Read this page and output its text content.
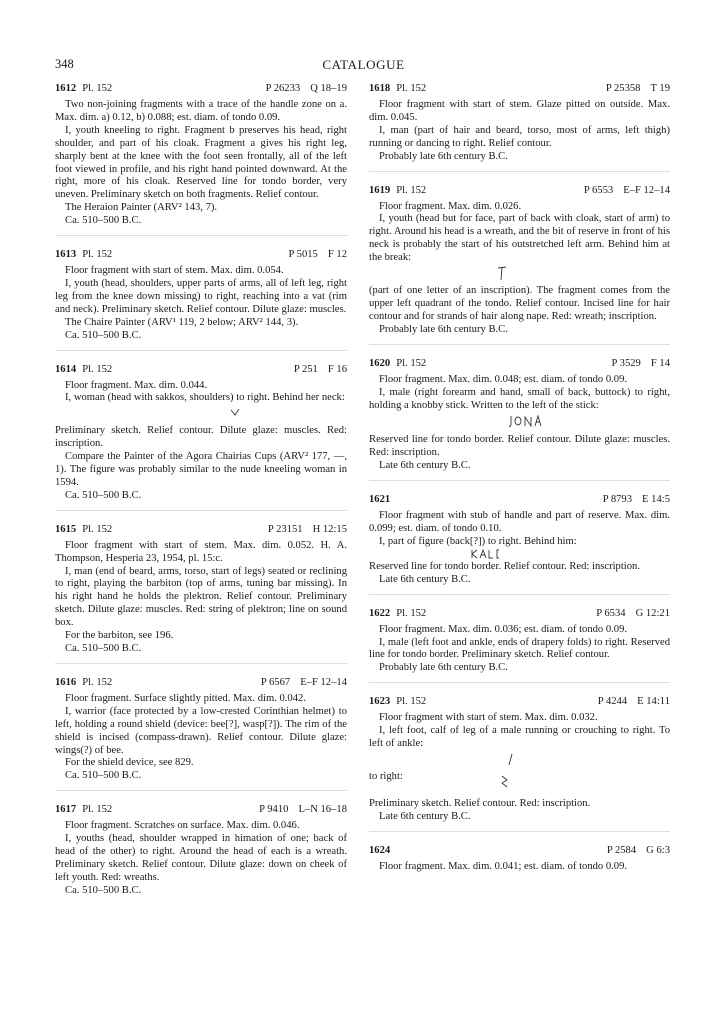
348	CATALOGUE
1612 Pl. 152	P 26233 Q 18–19

Two non-joining fragments with a trace of the handle zone on a. Max. dim. a) 0.12, b) 0.088; est. diam. of tondo 0.09.

I, youth kneeling to right. Fragment b preserves his head, right shoulder, and part of his cloak. Fragment a gives his right leg, sharply bent at the knee with the foot seen frontally, all of the left foot viewed in profile, and his right hand pointed downward. At the right, more of his cloak. Reserved line for tondo border, very uneven. Preliminary sketch on both fragments. Relief contour.

The Heraion Painter (ARV² 143, 7).

Ca. 510–500 B.C.

1613 Pl. 152	P 5015 F 12

Floor fragment with start of stem. Max. dim. 0.054.

I, youth (head, shoulders, upper parts of arms, all of left leg, right leg from the knee down missing) to right, reaching into a vat (rim and neck). Preliminary sketch. Relief contour. Dilute glaze: muscles.

The Chaire Painter (ARV¹ 119, 2 below; ARV² 144, 3).

Ca. 510–500 B.C.

1614 Pl. 152	P 251 F 16

Floor fragment. Max. dim. 0.044.

I, woman (head with sakkos, shoulders) to right. Behind her neck:

Preliminary sketch. Relief contour. Dilute glaze: muscles. Red: inscription.

Compare the Painter of the Agora Chairias Cups (ARV² 177, —, 1). The figure was probably similar to the nude kneeling woman in 1594.

Ca. 510–500 B.C.

1615 Pl. 152	P 23151 H 12:15

Floor fragment with start of stem. Max. dim. 0.052. H. A. Thompson, Hesperia 23, 1954, pl. 15:c.

I, man (end of beard, arms, torso, start of legs) seated or reclining to right, playing the barbiton (top of arms, tuning bar missing). In his right hand he holds the plektron. Relief contour. Preliminary sketch. Dilute glaze: muscles. Red: string of plektron; line on sound box.

For the barbiton, see 196.

Ca. 510–500 B.C.

1616 Pl. 152	P 6567 E–F 12–14

Floor fragment. Surface slightly pitted. Max. dim. 0.042.

I, warrior (face protected by a low-crested Corinthian helmet) to left, holding a round shield (device: bee[?], wasp[?]). The rim of the shield is incised (compass-drawn). Relief contour. Dilute glaze: wings(?) of bee.

For the shield device, see 829.

Ca. 510–500 B.C.

1617 Pl. 152	P 9410 L–N 16–18

Floor fragment. Scratches on surface. Max. dim. 0.046.

I, youths (head, shoulder wrapped in himation of one; back of head of the other) to right. Around the head of each is a wreath. Preliminary sketch. Relief contour. Dilute glaze: down on cheek of left youth. Red: wreaths.

Ca. 510–500 B.C.

1618 Pl. 152	P 25358 T 19

Floor fragment with start of stem. Glaze pitted on outside. Max. dim. 0.045.

I, man (part of hair and beard, torso, most of arms, left thigh) running or dancing to right. Relief contour.

Probably late 6th century B.C.

1619 Pl. 152	P 6553 E–F 12–14

Floor fragment. Max. dim. 0.026.

I, youth (head but for face, part of back with cloak, start of arm) to right. Around his head is a wreath, and the bit of reserve in front of his neck is probably the start of his outstretched left arm. Behind him at the break:

(part of one letter of an inscription). The fragment comes from the upper left quadrant of the tondo. Relief contour. Incised line for hair contour and for strands of hair along nape. Red: wreath; inscription.

Probably late 6th century B.C.

1620 Pl. 152	P 3529 F 14

Floor fragment. Max. dim. 0.048; est. diam. of tondo 0.09.

I, male (right forearm and hand, small of back, buttock) to right, holding a knobby stick. Written to the left of the stick:

Reserved line for tondo border. Relief contour. Dilute glaze: muscles. Red: inscription.

Late 6th century B.C.

1621	P 8793 E 14:5

Floor fragment with stub of handle and part of reserve. Max. dim. 0.099; est. diam. of tondo 0.10.

I, part of figure (back[?]) to right. Behind him:

Reserved line for tondo border. Relief contour. Red: inscription.

Late 6th century B.C.

1622 Pl. 152	P 6534 G 12:21

Floor fragment. Max. dim. 0.036; est. diam. of tondo 0.09.

I, male (left foot and ankle, ends of drapery folds) to right. Reserved line for tondo border. Preliminary sketch. Relief contour.

Probably late 6th century B.C.

1623 Pl. 152	P 4244 E 14:11

Floor fragment with start of stem. Max. dim. 0.032.

I, left foot, calf of leg of a male running or crouching to right. To left of ankle:

to right:

Preliminary sketch. Relief contour. Red: inscription.

Late 6th century B.C.

1624	P 2584 G 6:3

Floor fragment. Max. dim. 0.041; est. diam. of tondo 0.09.
